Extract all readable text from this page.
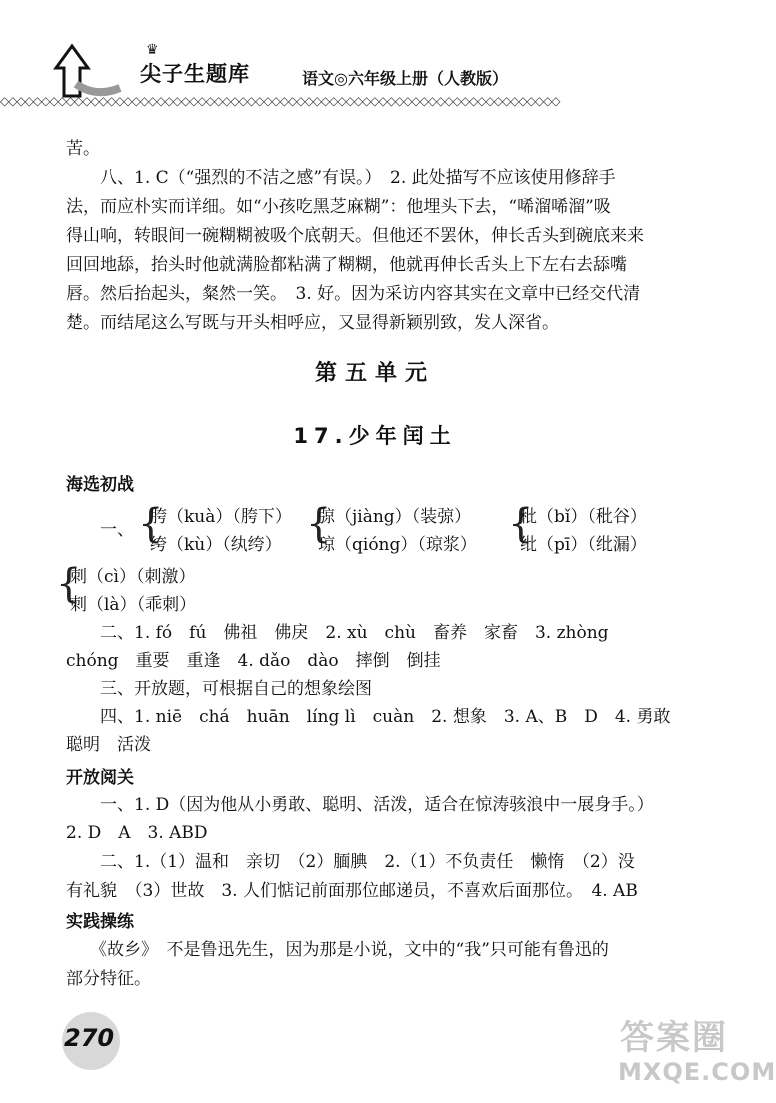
♛
尖子生题库	语文◎六年级上册（人教版）
◇◇◇◇◇◇◇◇◇◇◇◇◇◇◇◇◇◇◇◇◇◇◇◇◇◇◇◇◇◇◇◇◇◇◇◇◇◇◇◇◇◇◇◇◇◇◇◇◇◇◇◇◇◇◇◇◇◇◇◇◇◇◇◇◇◇◇◇

苦。

八、1. C（“强烈的不洁之感”有误。）　2. 此处描写不应该使用修辞手

法，而应朴实而详细。如“小孩吃黑芝麻糊”：他埋头下去，“唏溜唏溜”吸

得山响，转眼间一碗糊糊被吸个底朝天。但他还不罢休，伸长舌头到碗底来来

回回地舔，抬头时他就满脸都粘满了糊糊，他就再伸长舌头上下左右去舔嘴

唇。然后抬起头，粲然一笑。　3. 好。因为采访内容其实在文章中已经交代清

楚。而结尾这么写既与开头相呼应，又显得新颖别致，发人深省。

第五单元
17.少年闰土
海选初战
一、 {
胯（kuà）（胯下）
绔（kù）（纨绔） {
弶（jiàng）（装弶）
琼（qióng）（琼浆） {
秕（bǐ）（秕谷）
纰（pī）（纰漏）
{
刺（cì）（刺激）
刺（là）（乖刺）

二、1. fó　fú　佛祖　佛戾　2. xù　chù　畜养　家畜　3. zhòng

chóng　重要　重逢　4. dǎo　dào　摔倒　倒挂

三、开放题，可根据自己的想象绘图

四、1. niē　chá　huān　líng lì　cuàn　2. 想象　3. A、B　D　4. 勇敢

聪明　活泼

开放阅关

一、1. D（因为他从小勇敢、聪明、活泼，适合在惊涛骇浪中一展身手。）

2. D　A　3. ABD

二、1.（1）温和　亲切　（2）腼腆　2.（1）不负责任　懒惰　（2）没

有礼貌　（3）世故　3. 人们惦记前面那位邮递员，不喜欢后面那位。　4. AB

实践操练

《故乡》　不是鲁迅先生，因为那是小说，文中的“我”只可能有鲁迅的

部分特征。

270	答案圈
MXQE.COM
